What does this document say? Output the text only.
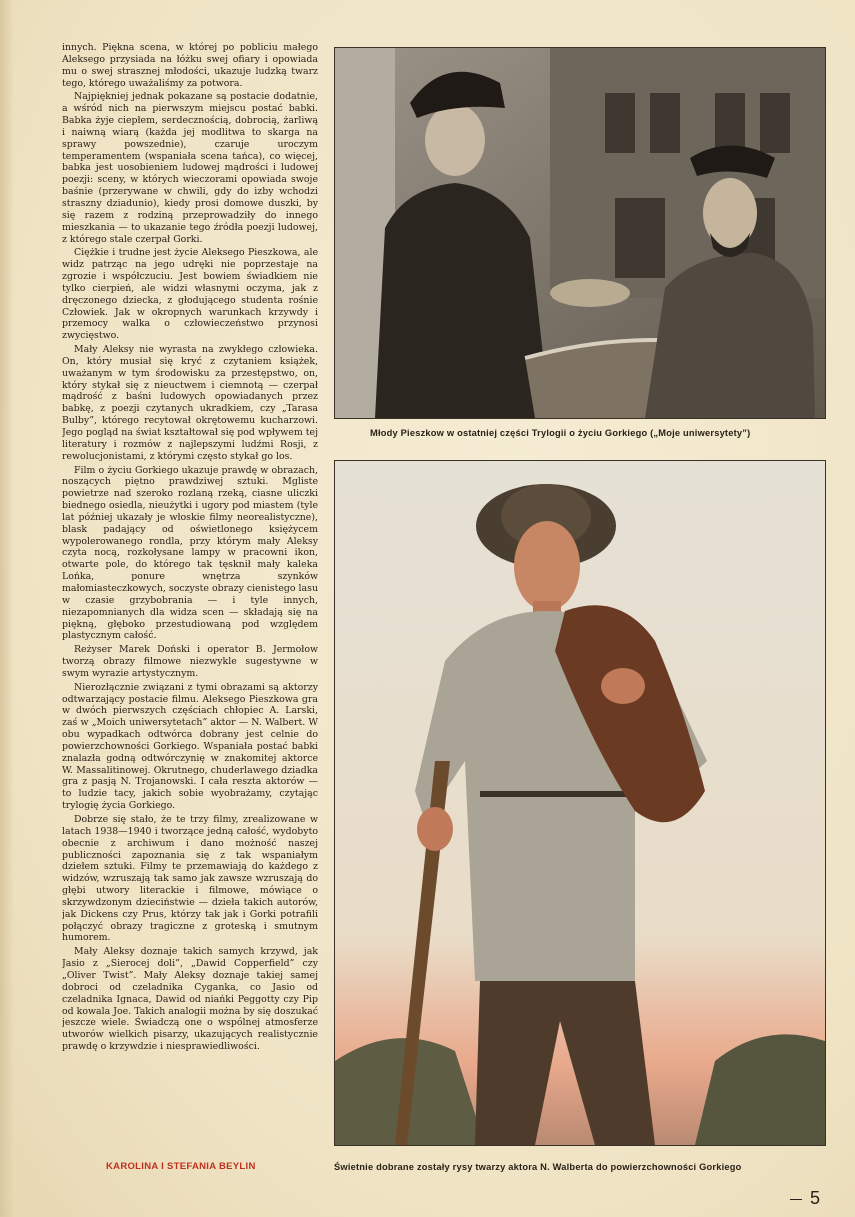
innych. Piękna scena, w której po pobliciu małego Aleksego przysiada na łóżku swej ofiary i opowiada mu o swej strasznej młodości, ukazuje ludzką twarz tego, którego uważaliśmy za potwora.

Najpiękniej jednak pokazane są postacie dodatnie, a wśród nich na pierwszym miejscu postać babki. Babka żyje ciepłem, serdecznością, dobrocią, żarliwą i naiwną wiarą (każda jej modlitwa to skarga na sprawy powszednie), czaruje uroczym temperamentem (wspaniała scena tańca), co więcej, babka jest uosobieniem ludowej mądrości i ludowej poezji: sceny, w których wieczorami opowiada swoje baśnie (przerywane w chwili, gdy do izby wchodzi straszny dziadunio), kiedy prosi domowe duszki, by się razem z rodziną przeprowadziły do innego mieszkania — to ukazanie tego źródła poezji ludowej, z którego stale czerpał Gorki.

Ciężkie i trudne jest życie Aleksego Pieszkowa, ale widz patrząc na jego udręki nie poprzestaje na zgrozie i współczuciu. Jest bowiem świadkiem nie tylko cierpień, ale widzi własnymi oczyma, jak z dręczonego dziecka, z głodującego studenta rośnie Człowiek. Jak w okropnych warunkach krzywdy i przemocy walka o człowieczeństwo przynosi zwycięstwo.

Mały Aleksy nie wyrasta na zwykłego człowieka. On, który musiał się kryć z czytaniem książek, uważanym w tym środowisku za przestępstwo, on, który stykał się z nieuctwem i ciemnotą — czerpał mądrość z baśni ludowych opowiadanych przez babkę, z poezji czytanych ukradkiem, czy „Tarasa Bulby”, którego recytował okrętowemu kucharzowi. Jego pogląd na świat kształtował się pod wpływem tej literatury i rozmów z najlepszymi ludźmi Rosji, z rewolucjonistami, z którymi często stykał go los.

Film o życiu Gorkiego ukazuje prawdę w obrazach, noszących piętno prawdziwej sztuki. Mgliste powietrze nad szeroko rozlaną rzeką, ciasne uliczki biednego osiedla, nieużytki i ugory pod miastem (tyle lat później ukazały je włoskie filmy neorealistyczne), blask padający od oświetlonego księżycem wypolerowanego rondla, przy którym mały Aleksy czyta nocą, rozkołysane lampy w pracowni ikon, otwarte pole, do którego tak tęsknił mały kaleka Lońka, ponure wnętrza szynków małomiasteczkowych, soczyste obrazy cienistego lasu w czasie grzybobrania — i tyle innych, niezapomnianych dla widza scen — składają się na piękną, głęboko przestudiowaną pod względem plastycznym całość.

Reżyser Marek Doński i operator B. Jermołow tworzą obrazy filmowe niezwykle sugestywne w swym wyrazie artystycznym.

Nierozłącznie związani z tymi obrazami są aktorzy odtwarzający postacie filmu. Aleksego Pieszkowa gra w dwóch pierwszych częściach chłopiec A. Larski, zaś w „Moich uniwersytetach” aktor — N. Walbert. W obu wypadkach odtwórca dobrany jest celnie do powierzchowności Gorkiego. Wspaniała postać babki znalazła godną odtwórczynię w znakomitej aktorce W. Massalitinowej. Okrutnego, chuderlawego dziadka gra z pasją N. Trojanowski. I cała reszta aktorów — to ludzie tacy, jakich sobie wyobrażamy, czytając trylogię życia Gorkiego.

Dobrze się stało, że te trzy filmy, zrealizowane w latach 1938—1940 i tworzące jedną całość, wydobyto obecnie z archiwum i dano możność naszej publiczności zapoznania się z tak wspaniałym dziełem sztuki. Filmy te przemawiają do każdego z widzów, wzruszają tak samo jak zawsze wzruszają do głębi utwory literackie i filmowe, mówiące o skrzywdzonym dzieciństwie — dzieła takich autorów, jak Dickens czy Prus, którzy tak jak i Gorki potrafili połączyć obrazy tragiczne z groteską i smutnym humorem.

Mały Aleksy doznaje takich samych krzywd, jak Jasio z „Sierocej doli”, „Dawid Copperfield” czy „Oliver Twist”. Mały Aleksy doznaje takiej samej dobroci od czeladnika Cyganka, co Jasio od czeladnika Ignaca, Dawid od niańki Peggotty czy Pip od kowala Joe. Takich analogii można by się doszukać jeszcze wiele. Świadczą one o wspólnej atmosferze utworów wielkich pisarzy, ukazujących realistycznie prawdę o krzywdzie i niesprawiedliwości.

KAROLINA I STEFANIA BEYLIN
Młody Pieszkow w ostatniej części Trylogii o życiu Gorkiego („Moje uniwersytety”)
Świetnie dobrane zostały rysy twarzy aktora N. Walberta do powierzchowności Gorkiego
5
